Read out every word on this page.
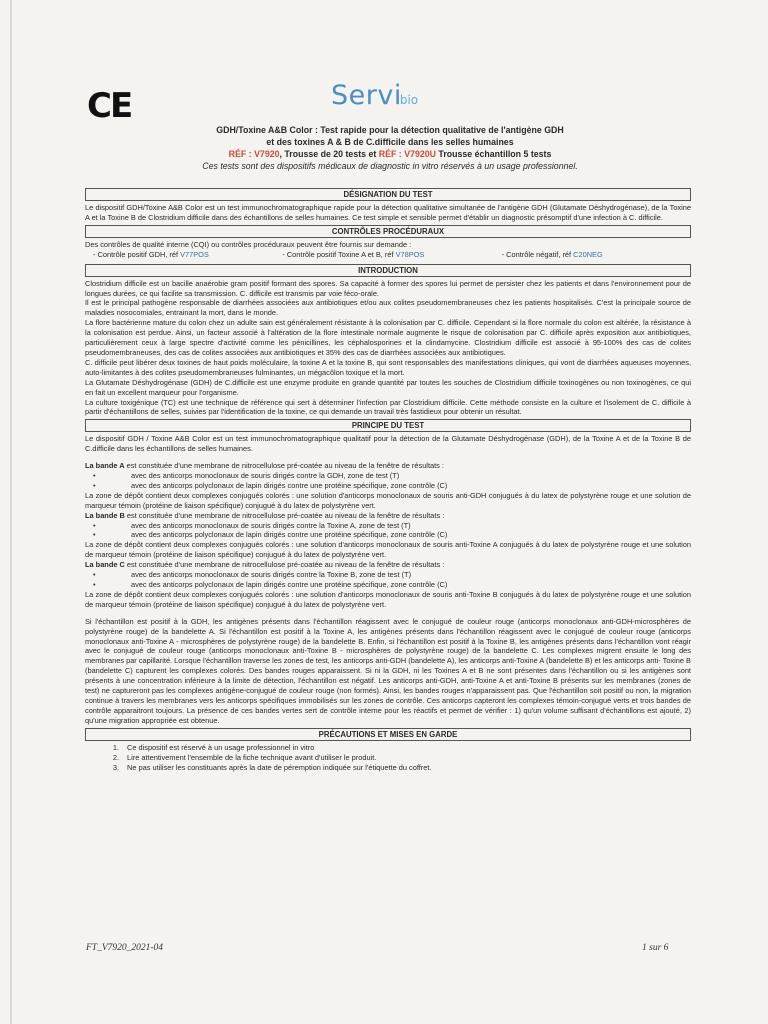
CE	Servibio
GDH/Toxine A&B Color : Test rapide pour la détection qualitative de l'antigène GDH
et des toxines A & B de C.difficile dans les selles humaines
RÉF : V7920, Trousse de 20 tests et RÉF : V7920U Trousse échantillon 5 tests
Ces tests sont des dispositifs médicaux de diagnostic in vitro réservés à un usage professionnel.
DÉSIGNATION DU TEST

Le dispositif GDH/Toxine A&B Color est un test immunochromatographique rapide pour la détection qualitative simultanée de l'antigène GDH (Glutamate Déshydrogénase), de la Toxine A et la Toxine B de Clostridium difficile dans des échantillons de selles humaines. Ce test simple et sensible permet d'établir un diagnostic présomptif d'une infection à C. difficile.

CONTRÔLES PROCÉDURAUX

Des contrôles de qualité interne (CQI) ou contrôles procéduraux peuvent être fournis sur demande :

- Contrôle positif GDH, réf V77POS	- Contrôle positif Toxine A et B, réf V78POS	- Contrôle négatif, réf C20NEG
INTRODUCTION

Clostridium difficile est un bacille anaérobie gram positif formant des spores. Sa capacité à former des spores lui permet de persister chez les patients et dans l'environnement pour de longues durées, ce qui facilite sa transmission. C. difficile est transmis par voie féco-orale.

Il est le principal pathogène responsable de diarrhées associées aux antibiotiques et/ou aux colites pseudomembraneuses chez les patients hospitalisés. C'est la principale source de maladies nosocomiales, entrainant la mort, dans le monde.

La flore bactérienne mature du colon chez un adulte sain est généralement résistante à la colonisation par C. difficile. Cependant si la flore normale du colon est altérée, la résistance à la colonisation est perdue. Ainsi, un facteur associé à l'altération de la flore intestinale normale augmente le risque de colonisation par C. difficile après exposition aux antibiotiques, particulièrement ceux à large spectre d'activité comme les pénicillines, les céphalosporines et la clindamycine. Clostridium difficile est associé à 95-100% des cas de colites pseudomembraneuses, des cas de colites associées aux antibiotiques et 35% des cas de diarrhées associées aux antibiotiques.

C. difficile peut libérer deux toxines de haut poids moléculaire, la toxine A et la toxine B, qui sont responsables des manifestations cliniques, qui vont de diarrhées aqueuses moyennes, auto-limitantes à des colites pseudomembraneuses fulminantes, un mégacôlon toxique et la mort.

La Glutamate Déshydrogénase (GDH) de C.difficile est une enzyme produite en grande quantité par toutes les souches de Clostridium difficile toxinogènes ou non toxinogènes, ce qui en fait un excellent marqueur pour l'organisme.

La culture toxigénique (TC) est une technique de référence qui sert à déterminer l'infection par Clostridium difficile. Cette méthode consiste en la culture et l'isolement de C. difficile à partir d'échantillons de selles, suivies par l'identification de la toxine, ce qui demande un travail très fastidieux pour obtenir un résultat.

PRINCIPE DU TEST

Le dispositif GDH / Toxine A&B Color est un test immunochromatographique qualitatif pour la détection de la Glutamate Déshydrogénase (GDH), de la Toxine A et de la Toxine B de C.difficile dans les échantillons de selles humaines.

La bande A est constituée d'une membrane de nitrocellulose pré-coatée au niveau de la fenêtre de résultats :

• avec des anticorps monoclonaux de souris dirigés contre la GDH, zone de test (T)
• avec des anticorps polyclonaux de lapin dirigés contre une protéine spécifique, zone contrôle (C)

La zone de dépôt contient deux complexes conjugués colorés : une solution d'anticorps monoclonaux de souris anti-GDH conjugués à du latex de polystyrène rouge et une solution de marqueur témoin (protéine de liaison spécifique) conjugué à du latex de polystyrène vert.

La bande B est constituée d'une membrane de nitrocellulose pré-coatée au niveau de la fenêtre de résultats :

• avec des anticorps monoclonaux de souris dirigés contre la Toxine A, zone de test (T)
• avec des anticorps polyclonaux de lapin dirigés contre une protéine spécifique, zone contrôle (C)

La zone de dépôt contient deux complexes conjugués colorés : une solution d'anticorps monoclonaux de souris anti-Toxine A conjugués à du latex de polystyrène rouge et une solution de marqueur témoin (protéine de liaison spécifique) conjugué à du latex de polystyrène vert.

La bande C est constituée d'une membrane de nitrocellulose pré-coatée au niveau de la fenêtre de résultats :

• avec des anticorps monoclonaux de souris dirigés contre la Toxine B, zone de test (T)
• avec des anticorps polyclonaux de lapin dirigés contre une protéine spécifique, zone contrôle (C)

La zone de dépôt contient deux complexes conjugués colorés : une solution d'anticorps monoclonaux de souris anti-Toxine B conjugués à du latex de polystyrène rouge et une solution de marqueur témoin (protéine de liaison spécifique) conjugué à du latex de polystyrène vert.

Si l'échantillon est positif à la GDH, les antigènes présents dans l'échantillon réagissent avec le conjugué de couleur rouge (anticorps monoclonaux anti-GDH-microsphères de polystyrène rouge) de la bandelette A. Si l'échantillon est positif à la Toxine A, les antigènes présents dans l'échantillon réagissent avec le conjugué de couleur rouge (anticorps monoclonaux anti-Toxine A - microsphères de polystyrène rouge) de la bandelette B. Enfin, si l'échantillon est positif à la Toxine B, les antigènes présents dans l'échantillon vont réagir avec le conjugué de couleur rouge (anticorps monoclonaux anti-Toxine B - microsphères de polystyrène rouge) de la bandelette C. Les complexes migrent ensuite le long des membranes par capillarité. Lorsque l'échantillon traverse les zones de test, les anticorps anti-GDH (bandelette A), les anticorps anti-Toxine A (bandelette B) et les anticorps anti- Toxine B (bandelette C) capturent les complexes colorés. Des bandes rouges apparaissent. Si ni la GDH, ni les Toxines A et B ne sont présentes dans l'échantillon ou si les antigènes sont présents à une concentration inférieure à la limite de détection, l'échantillon est négatif. Les anticorps anti-GDH, anti-Toxine A et anti-Toxine B présents sur les membranes (zones de test) ne captureront pas les complexes antigène-conjugué de couleur rouge (non formés). Ainsi, les bandes rouges n'apparaissent pas. Que l'échantillon soit positif ou non, la migration continue à travers les membranes vers les anticorps spécifiques immobilisés sur les zones de contrôle. Ces anticorps capteront les complexes témoin-conjugué verts et trois bandes de contrôle apparaitront toujours. La présence de ces bandes vertes sert de contrôle interne pour les réactifs et permet de vérifier : 1) qu'un volume suffisant d'échantillons est ajouté, 2) qu'une migration appropriée est obtenue.

PRÉCAUTIONS ET MISES EN GARDE
1.	Ce dispositif est réservé à un usage professionnel in vitro
2.	Lire attentivement l'ensemble de la fiche technique avant d'utiliser le produit.
3.	Ne pas utiliser les constituants après la date de péremption indiquée sur l'étiquette du coffret.
FT_V7920_2021-04	1 sur 6
